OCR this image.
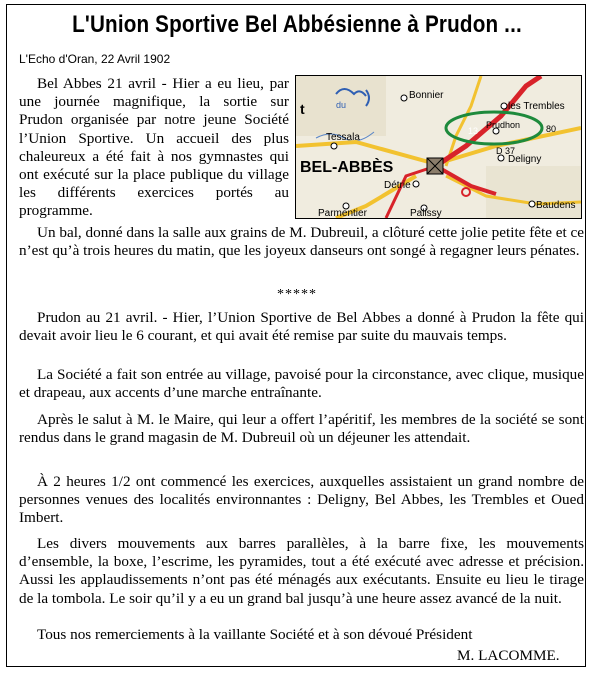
L'Union Sportive Bel Abbésienne à Prudon ...
L'Echo d'Oran, 22 Avril 1902

Bel Abbes 21 avril - Hier a eu lieu, par une journée magnifique, la sortie sur Prudon organisée par notre jeune Société l’Union Sportive. Un accueil des plus chaleureux a été fait à nos gymnastes qui ont exécuté sur la place publique du village les différents exercices portés au programme.

t	du
Bonnier
les Trembles
Prudhon
13	80
Tessala
BEL-ABBÈS
D 37
Deligny
Détrie
Baudens
Parmentier	Palissy

Un bal, donné dans la salle aux grains de M. Dubreuil, a clôturé cette jolie petite fête et ce n’est qu’à trois heures du matin, que les joyeux danseurs ont songé à regagner leurs pénates.

*****

Prudon au 21 avril. - Hier, l’Union Sportive de Bel Abbes a donné à Prudon la fête qui devait avoir lieu le 6 courant, et qui avait été remise par suite du mauvais temps.

La Société a fait son entrée au village, pavoisé pour la circonstance, avec clique, musique et drapeau, aux accents d’une marche entraînante.

Après le salut à M. le Maire, qui leur a offert l’apéritif, les membres de la société se sont rendus dans le grand magasin de M. Dubreuil où un déjeuner les attendait.

À 2 heures 1/2 ont commencé les exercices, auxquelles assistaient un grand nombre de personnes venues des localités environnantes : Deligny, Bel Abbes, les Trembles et Oued Imbert.

Les divers mouvements aux barres parallèles, à la barre fixe, les mouvements d’ensemble, la boxe, l’escrime, les pyramides, tout a été exécuté avec adresse et précision. Aussi les applaudissements n’ont pas été ménagés aux exécutants. Ensuite eu lieu le tirage de la tombola. Le soir qu’il y a eu un grand bal jusqu’à une heure assez avancé de la nuit.

Tous nos remerciements à la vaillante Société et à son dévoué Président

M. LACOMME.
